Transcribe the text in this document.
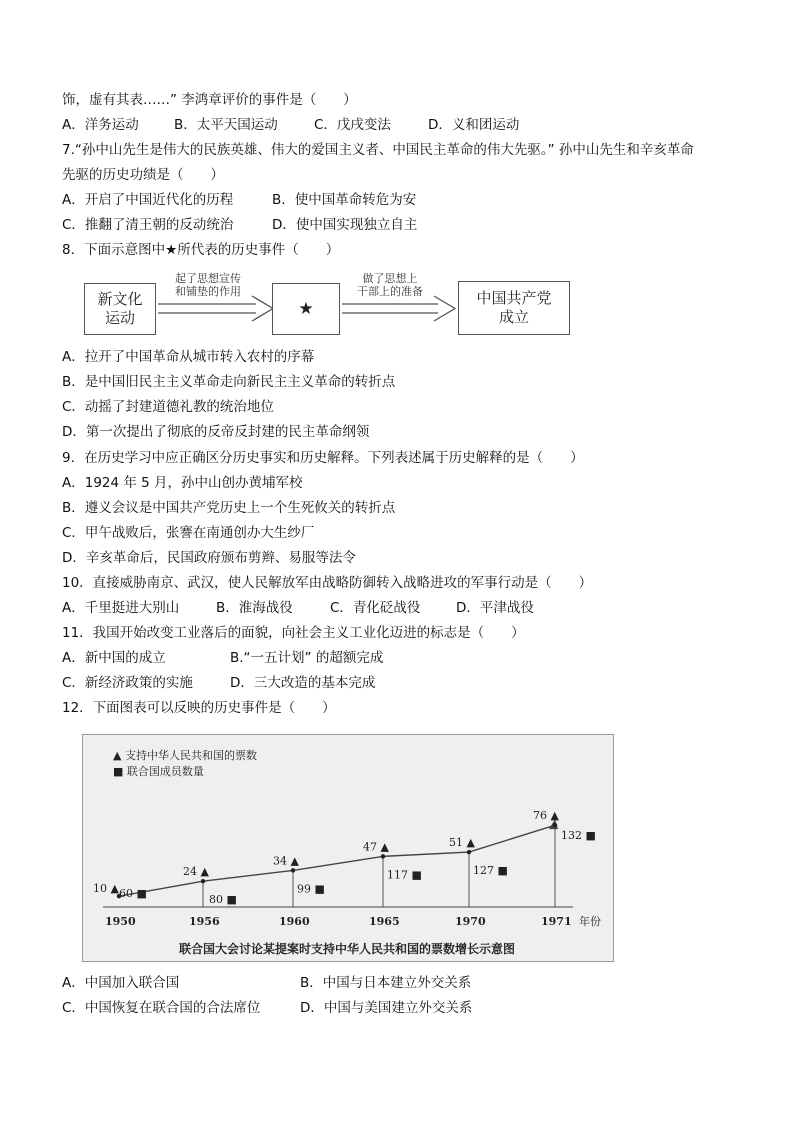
饰，虚有其表……” 李鸿章评价的事件是（　　）
A．洋务运动	B．太平天国运动	C．戊戌变法	D．义和团运动
7.“孙中山先生是伟大的民族英雄、伟大的爱国主义者、中国民主革命的伟大先驱。” 孙中山先生和辛亥革命
先驱的历史功绩是（　　）
A．开启了中国近代化的历程	B．使中国革命转危为安
C．推翻了清王朝的反动统治	D．使中国实现独立自主
8．下面示意图中★所代表的历史事件（　　）
新文化
运动
起了思想宣传
和铺垫的作用
★
做了思想上
干部上的准备	中国共产党
成立
A．拉开了中国革命从城市转入农村的序幕
B．是中国旧民主主义革命走向新民主主义革命的转折点
C．动摇了封建道德礼教的统治地位
D．第一次提出了彻底的反帝反封建的民主革命纲领
9．在历史学习中应正确区分历史事实和历史解释。下列表述属于历史解释的是（　　）
A．1924 年 5 月，孙中山创办黄埔军校
B．遵义会议是中国共产党历史上一个生死攸关的转折点
C．甲午战败后，张謇在南通创办大生纱厂
D．辛亥革命后，民国政府颁布剪辫、易服等法令
10．直接威胁南京、武汉，使人民解放军由战略防御转入战略进攻的军事行动是（　　）
A．千里挺进大别山	B．淮海战役	C．青化砭战役	D．平津战役
11．我国开始改变工业落后的面貌，向社会主义工业化迈进的标志是（　　）
A．新中国的成立	B.“一五计划” 的超额完成
C．新经济政策的实施	D．三大改造的基本完成
12．下面图表可以反映的历史事件是（　　）
10 ▲
24 ▲
34 ▲
47 ▲	51 ▲
76 ▲
60 ■	80 ■
99 ■
117 ■	127 ■
132 ■
1950	1956	1960	1965	1970	1971 年份
▲ 支持中华人民共和国的票数
■ 联合国成员数量
联合国大会讨论某提案时支持中华人民共和国的票数增长示意图
A．中国加入联合国	B．中国与日本建立外交关系
C．中国恢复在联合国的合法席位	D．中国与美国建立外交关系
